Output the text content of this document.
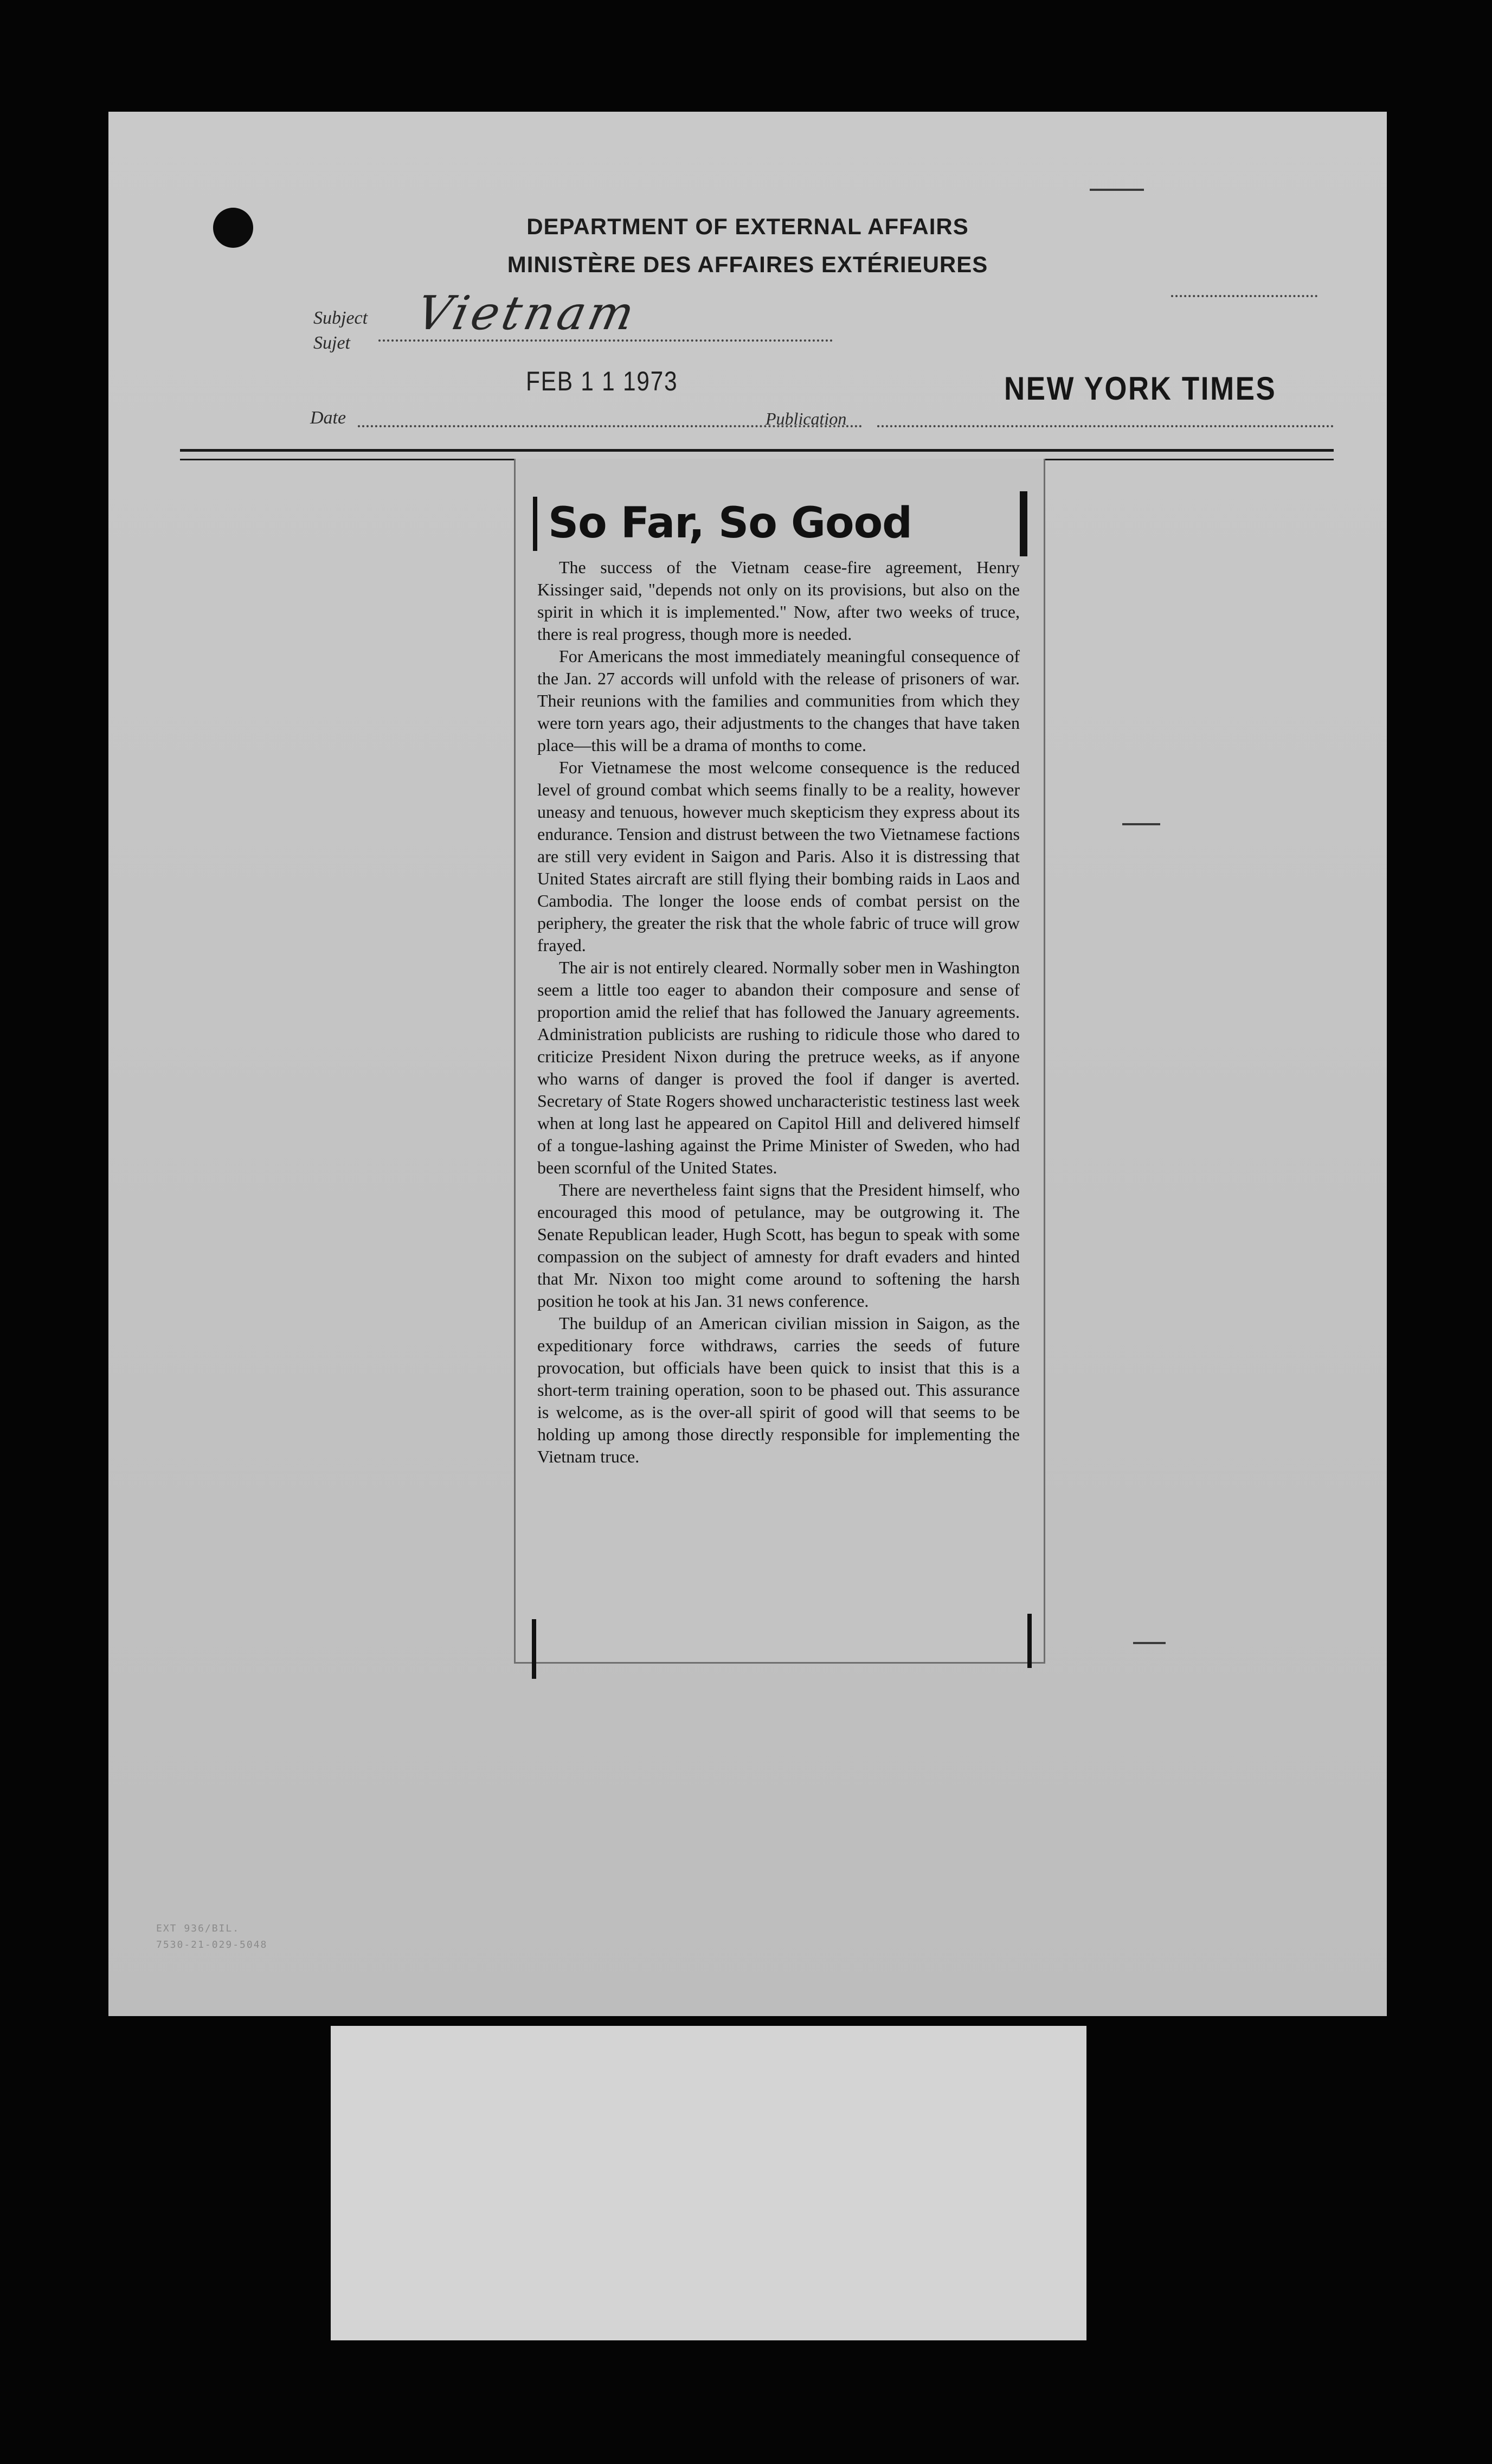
DEPARTMENT OF EXTERNAL AFFAIRS
MINISTÈRE DES AFFAIRES EXTÉRIEURES
Subject
Sujet
Vietnam
FEB 1 1 1973	NEW YORK TIMES
Date	Publication
So Far, So Good

The success of the Vietnam cease-fire agreement, Henry Kissinger said, "depends not only on its provisions, but also on the spirit in which it is implemented." Now, after two weeks of truce, there is real progress, though more is needed.

For Americans the most immediately meaningful consequence of the Jan. 27 accords will unfold with the release of prisoners of war. Their reunions with the families and communities from which they were torn years ago, their adjustments to the changes that have taken place—this will be a drama of months to come.

For Vietnamese the most welcome consequence is the reduced level of ground combat which seems finally to be a reality, however uneasy and tenuous, however much skepticism they express about its endurance. Tension and distrust between the two Vietnamese factions are still very evident in Saigon and Paris. Also it is distressing that United States aircraft are still flying their bombing raids in Laos and Cambodia. The longer the loose ends of combat persist on the periphery, the greater the risk that the whole fabric of truce will grow frayed.

The air is not entirely cleared. Normally sober men in Washington seem a little too eager to abandon their composure and sense of proportion amid the relief that has followed the January agreements. Administration publicists are rushing to ridicule those who dared to criticize President Nixon during the pretruce weeks, as if anyone who warns of danger is proved the fool if danger is averted. Secretary of State Rogers showed uncharacteristic testiness last week when at long last he appeared on Capitol Hill and delivered himself of a tongue-lashing against the Prime Minister of Sweden, who had been scornful of the United States.

There are nevertheless faint signs that the President himself, who encouraged this mood of petulance, may be outgrowing it. The Senate Republican leader, Hugh Scott, has begun to speak with some compassion on the subject of amnesty for draft evaders and hinted that Mr. Nixon too might come around to softening the harsh position he took at his Jan. 31 news conference.

The buildup of an American civilian mission in Saigon, as the expeditionary force withdraws, carries the seeds of future provocation, but officials have been quick to insist that this is a short-term training operation, soon to be phased out. This assurance is welcome, as is the over-all spirit of good will that seems to be holding up among those directly responsible for implementing the Vietnam truce.

EXT 936/BIL.
7530-21-029-5048
